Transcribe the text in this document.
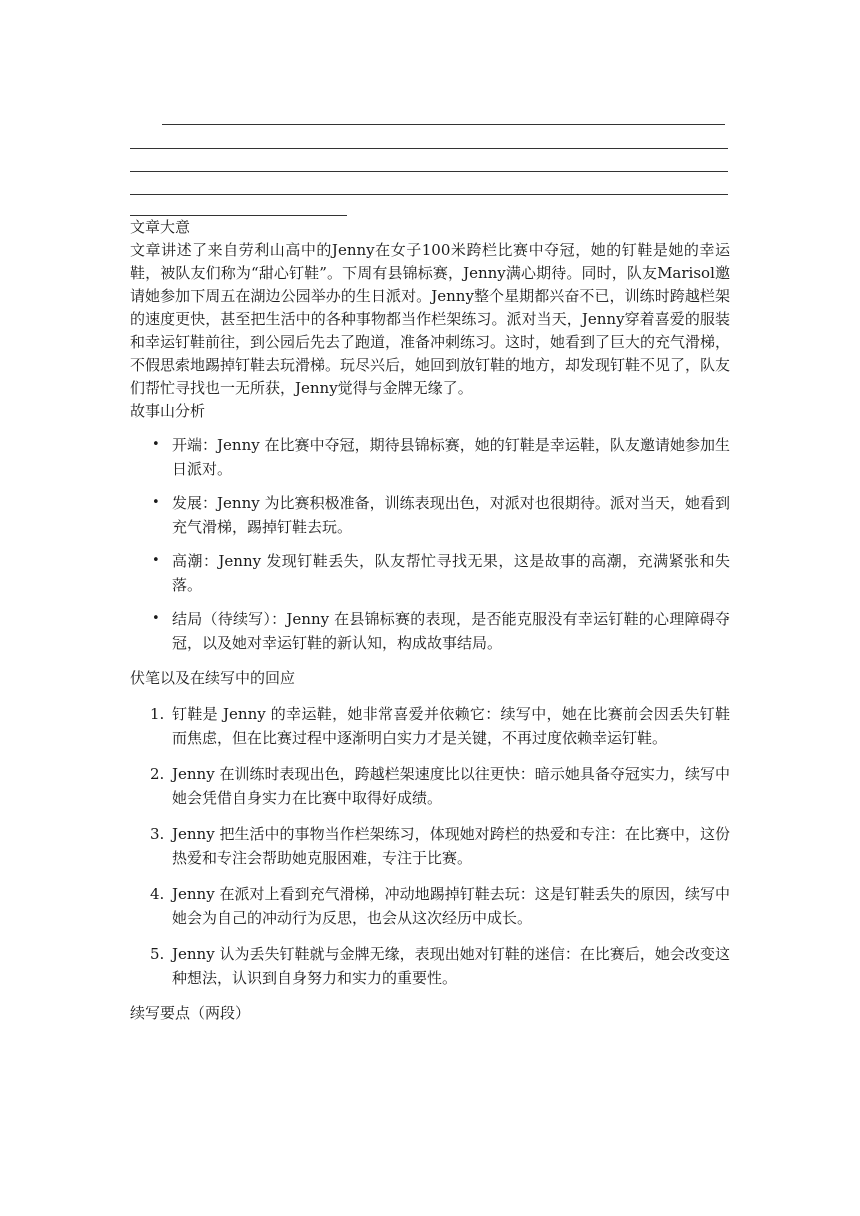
文章大意

文章讲述了来自劳利山高中的Jenny在女子100米跨栏比赛中夺冠，她的钉鞋是她的幸运鞋，被队友们称为“甜心钉鞋”。下周有县锦标赛，Jenny满心期待。同时，队友Marisol邀请她参加下周五在湖边公园举办的生日派对。Jenny整个星期都兴奋不已，训练时跨越栏架的速度更快，甚至把生活中的各种事物都当作栏架练习。派对当天，Jenny穿着喜爱的服装和幸运钉鞋前往，到公园后先去了跑道，准备冲刺练习。这时，她看到了巨大的充气滑梯，不假思索地踢掉钉鞋去玩滑梯。玩尽兴后，她回到放钉鞋的地方，却发现钉鞋不见了，队友们帮忙寻找也一无所获，Jenny觉得与金牌无缘了。

故事山分析

• 开端：Jenny 在比赛中夺冠，期待县锦标赛，她的钉鞋是幸运鞋，队友邀请她参加生日派对。
• 发展：Jenny 为比赛积极准备，训练表现出色，对派对也很期待。派对当天，她看到充气滑梯，踢掉钉鞋去玩。
• 高潮：Jenny 发现钉鞋丢失，队友帮忙寻找无果，这是故事的高潮，充满紧张和失落。
• 结局（待续写）：Jenny 在县锦标赛的表现，是否能克服没有幸运钉鞋的心理障碍夺冠，以及她对幸运钉鞋的新认知，构成故事结局。

伏笔以及在续写中的回应

1. 钉鞋是 Jenny 的幸运鞋，她非常喜爱并依赖它：续写中，她在比赛前会因丢失钉鞋而焦虑，但在比赛过程中逐渐明白实力才是关键，不再过度依赖幸运钉鞋。
2. Jenny 在训练时表现出色，跨越栏架速度比以往更快：暗示她具备夺冠实力，续写中她会凭借自身实力在比赛中取得好成绩。
3. Jenny 把生活中的事物当作栏架练习，体现她对跨栏的热爱和专注：在比赛中，这份热爱和专注会帮助她克服困难，专注于比赛。
4. Jenny 在派对上看到充气滑梯，冲动地踢掉钉鞋去玩：这是钉鞋丢失的原因，续写中她会为自己的冲动行为反思，也会从这次经历中成长。
5. Jenny 认为丢失钉鞋就与金牌无缘，表现出她对钉鞋的迷信：在比赛后，她会改变这种想法，认识到自身努力和实力的重要性。

续写要点（两段）
